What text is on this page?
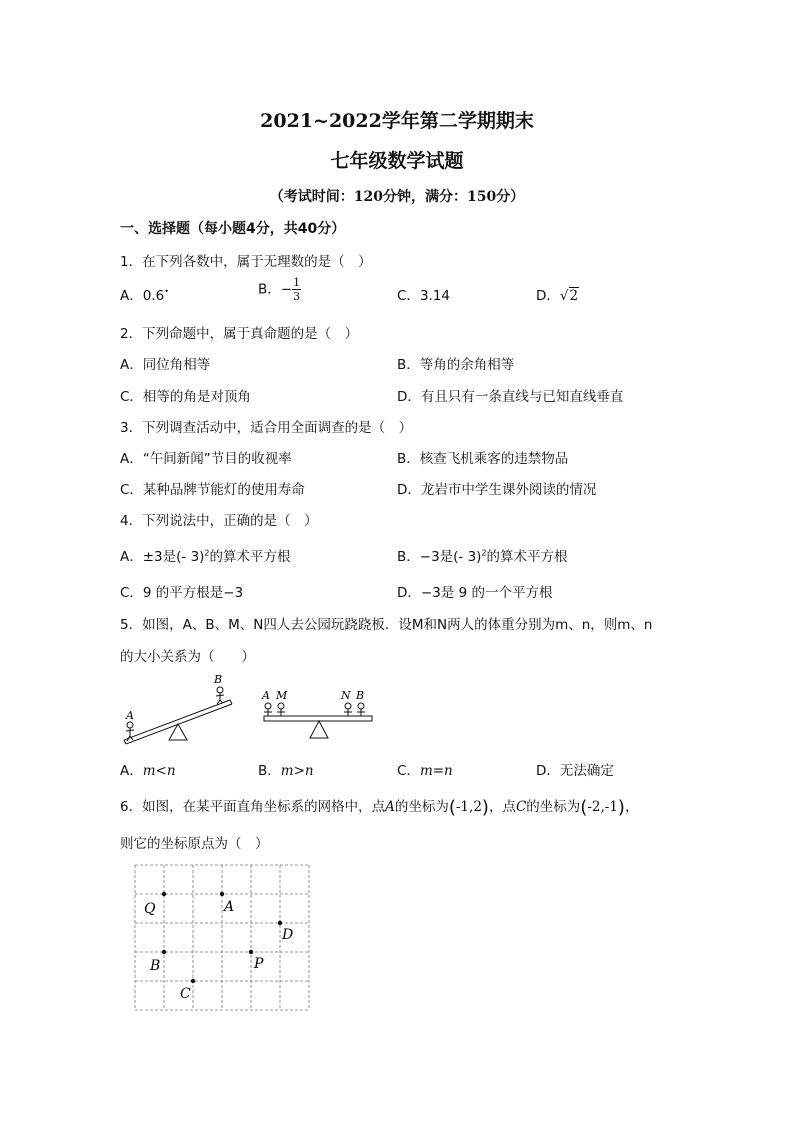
2021~2022学年第二学期期末
七年级数学试题
（考试时间：120分钟，满分：150分）
一、选择题（每小题4分，共40分）
1．在下列各数中，属于无理数的是（　）
A．0.6•	B．− $\frac{1}{3}$	C．3.14	D．√2
2．下列命题中，属于真命题的是（　）
A．同位角相等	B．等角的余角相等
C．相等的角是对顶角	D．有且只有一条直线与已知直线垂直
3．下列调查活动中，适合用全面调查的是（　）
A．“午间新闻”节目的收视率	B．核查飞机乘客的违禁物品
C．某种品牌节能灯的使用寿命	D．龙岩市中学生课外阅读的情况
4．下列说法中，正确的是（　）
A．±3是(- 3)$^2$的算术平方根	B．−3是(- 3)$^2$的算术平方根
C．9 的平方根是−3	D．−3是 9 的一个平方根
5．如图，A、B、M、N四人去公园玩跷跷板．设M和N两人的体重分别为m、n，则m、n
的大小关系为（　　）
A
B
A M	N B
A．m<n	B．m>n	C．m=n	D．无法确定
6．如图，在某平面直角坐标系的网格中，点A的坐标为(-1,2)，点C的坐标为(-2,-1)，
则它的坐标原点为（　）
Q	A
D
B	P
C
